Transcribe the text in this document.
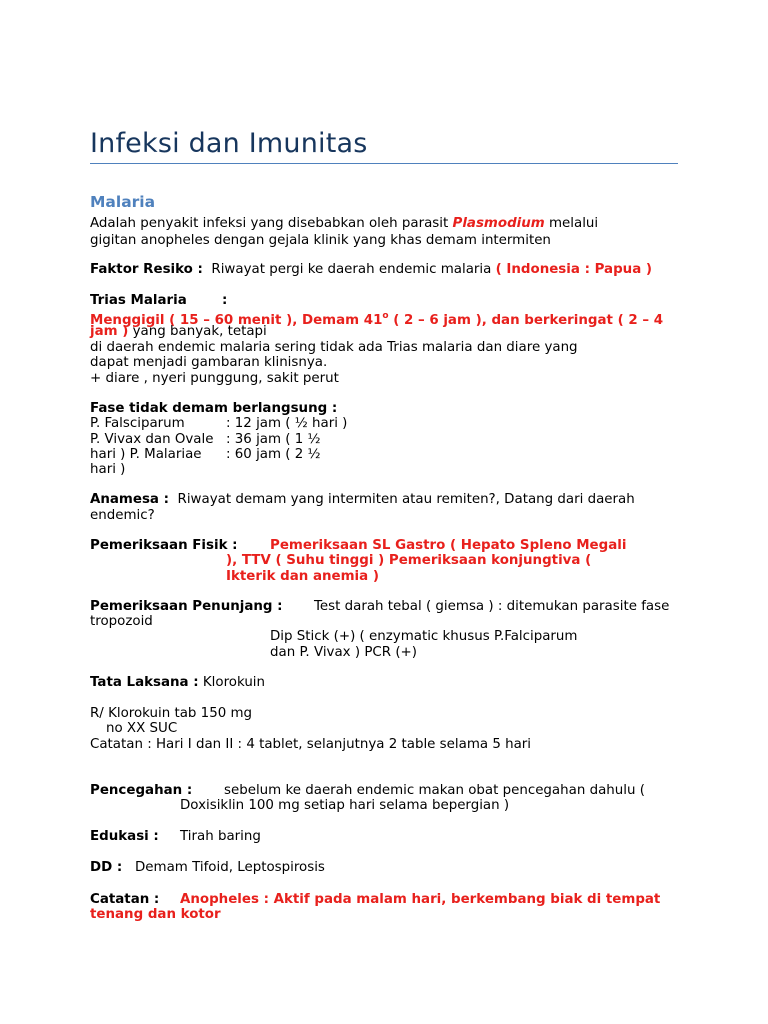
Infeksi dan Imunitas
Malaria
Adalah penyakit infeksi yang disebabkan oleh parasit Plasmodium melalui
gigitan anopheles dengan gejala klinik yang khas demam intermiten
Faktor Resiko : Riwayat pergi ke daerah endemic malaria ( Indonesia : Papua )
Trias Malaria	:
Menggigil ( 15 – 60 menit ), Demam 41$^o$ ( 2 – 6 jam ), dan berkeringat ( 2 – 4
jam ) yang banyak, tetapi
di daerah endemic malaria sering tidak ada Trias malaria dan diare yang
dapat menjadi gambaran klinisnya.
+ diare , nyeri punggung, sakit perut
Fase tidak demam berlangsung :
P. Falsciparum	: 12 jam ( ½ hari )
P. Vivax dan Ovale : 36 jam ( 1 ½
hari ) P. Malariae : 60 jam ( 2 ½
hari )
Anamesa : Riwayat demam yang intermiten atau remiten?, Datang dari daerah
endemic?
Pemeriksaan Fisik : Pemeriksaan SL Gastro ( Hepato Spleno Megali
), TTV ( Suhu tinggi ) Pemeriksaan konjungtiva (
Ikterik dan anemia )
Pemeriksaan Penunjang : Test darah tebal ( giemsa ) : ditemukan parasite fase
tropozoid
Dip Stick (+) ( enzymatic khusus P.Falciparum
dan P. Vivax ) PCR (+)
Tata Laksana : Klorokuin
R/ Klorokuin tab 150 mg
no XX SUC
Catatan : Hari I dan II : 4 tablet, selanjutnya 2 table selama 5 hari
Pencegahan : sebelum ke daerah endemic makan obat pencegahan dahulu (
Doxisiklin 100 mg setiap hari selama bepergian )
Edukasi : Tirah baring
DD : Demam Tifoid, Leptospirosis
Catatan : Anopheles : Aktif pada malam hari, berkembang biak di tempat
tenang dan kotor
